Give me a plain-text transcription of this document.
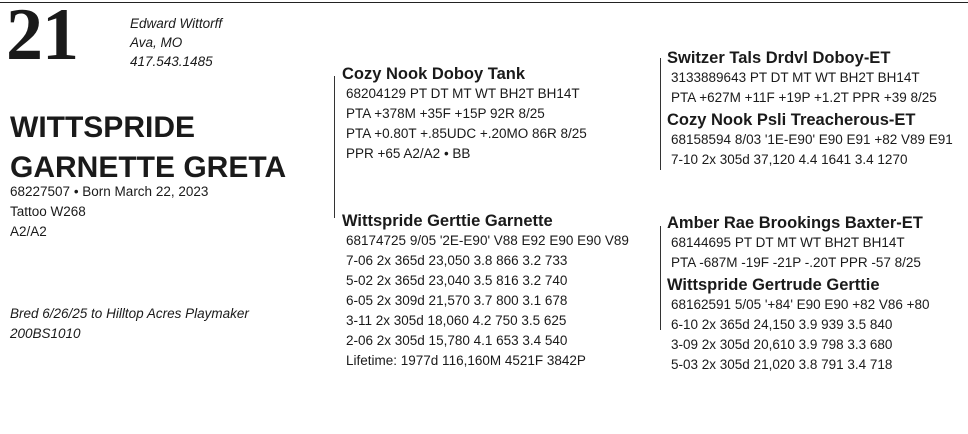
21	Edward Wittorff
Ava, MO
417.543.1485
WITTSPRIDE
GARNETTE GRETA
68227507 • Born March 22, 2023
Tattoo W268
A2/A2
Bred 6/26/25 to Hilltop Acres Playmaker
200BS1010
Cozy Nook Doboy Tank
68204129 PT DT MT WT BH2T BH14T
PTA +378M +35F +15P 92R 8/25
PTA +0.80T +.85UDC +.20MO 86R 8/25
PPR +65 A2/A2 • BB
Wittspride Gerttie Garnette
68174725 9/05 '2E-E90' V88 E92 E90 E90 V89
7-06 2x 365d 23,050 3.8 866 3.2 733
5-02 2x 365d 23,040 3.5 816 3.2 740
6-05 2x 309d 21,570 3.7 800 3.1 678
3-11 2x 305d 18,060 4.2 750 3.5 625
2-06 2x 305d 15,780 4.1 653 3.4 540
Lifetime: 1977d 116,160M 4521F 3842P
Switzer Tals Drdvl Doboy-ET
3133889643 PT DT MT WT BH2T BH14T
PTA +627M +11F +19P +1.2T PPR +39 8/25
Cozy Nook Psli Treacherous-ET
68158594 8/03 '1E-E90' E90 E91 +82 V89 E91
7-10 2x 305d 37,120 4.4 1641 3.4 1270
Amber Rae Brookings Baxter-ET
68144695 PT DT MT WT BH2T BH14T
PTA -687M -19F -21P -.20T PPR -57 8/25
Wittspride Gertrude Gerttie
68162591 5/05 '+84' E90 E90 +82 V86 +80
6-10 2x 365d 24,150 3.9 939 3.5 840
3-09 2x 305d 20,610 3.9 798 3.3 680
5-03 2x 305d 21,020 3.8 791 3.4 718
